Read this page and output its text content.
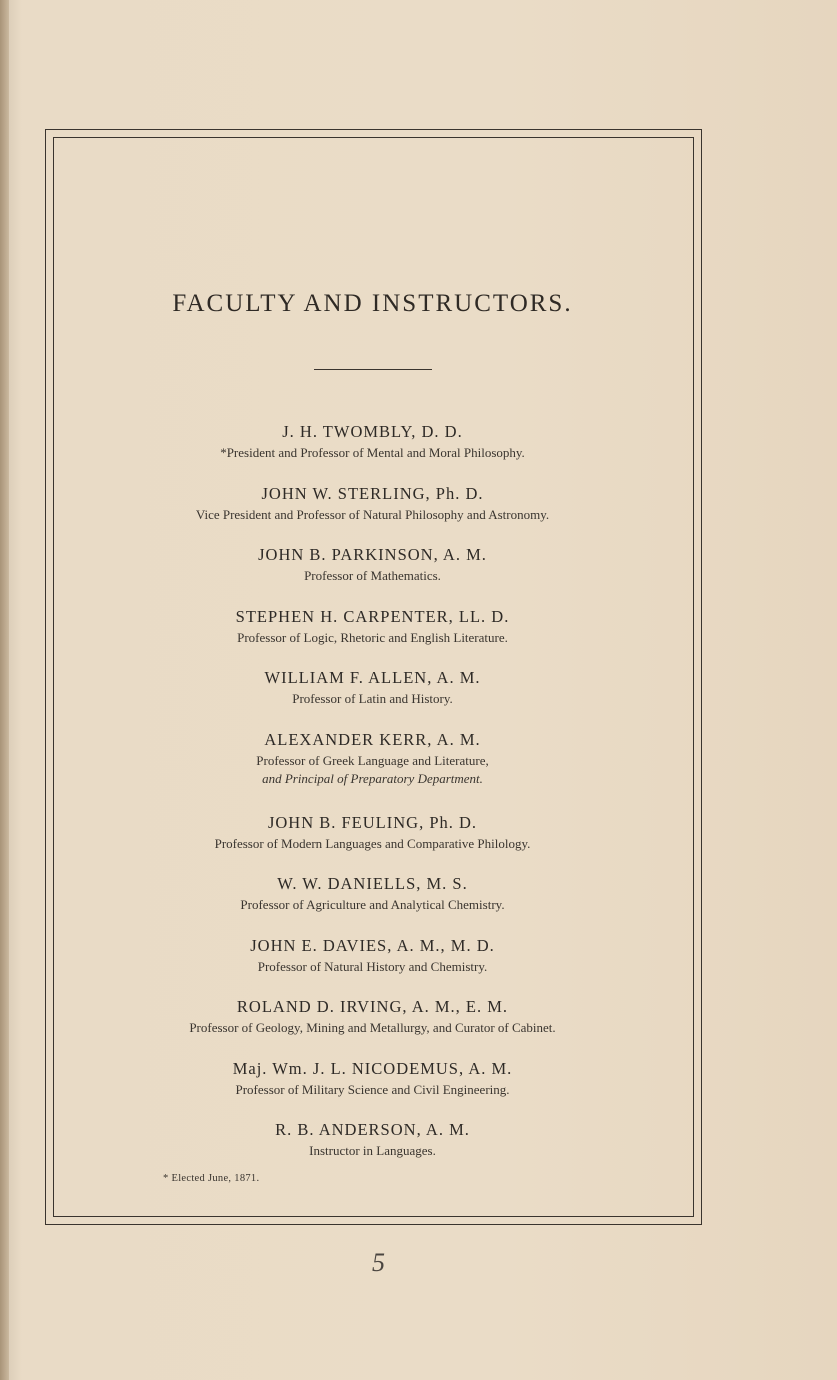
FACULTY AND INSTRUCTORS.
J. H. TWOMBLY, D. D.
*President and Professor of Mental and Moral Philosophy.
JOHN W. STERLING, Ph. D.
Vice President and Professor of Natural Philosophy and Astronomy.
JOHN B. PARKINSON, A. M.
Professor of Mathematics.
STEPHEN H. CARPENTER, LL. D.
Professor of Logic, Rhetoric and English Literature.
WILLIAM F. ALLEN, A. M.
Professor of Latin and History.
ALEXANDER KERR, A. M.
Professor of Greek Language and Literature,
and Principal of Preparatory Department.
JOHN B. FEULING, Ph. D.
Professor of Modern Languages and Comparative Philology.
W. W. DANIELLS, M. S.
Professor of Agriculture and Analytical Chemistry.
JOHN E. DAVIES, A. M., M. D.
Professor of Natural History and Chemistry.
ROLAND D. IRVING, A. M., E. M.
Professor of Geology, Mining and Metallurgy, and Curator of Cabinet.
Maj. Wm. J. L. NICODEMUS, A. M.
Professor of Military Science and Civil Engineering.
R. B. ANDERSON, A. M.
Instructor in Languages.
* Elected June, 1871.
5
